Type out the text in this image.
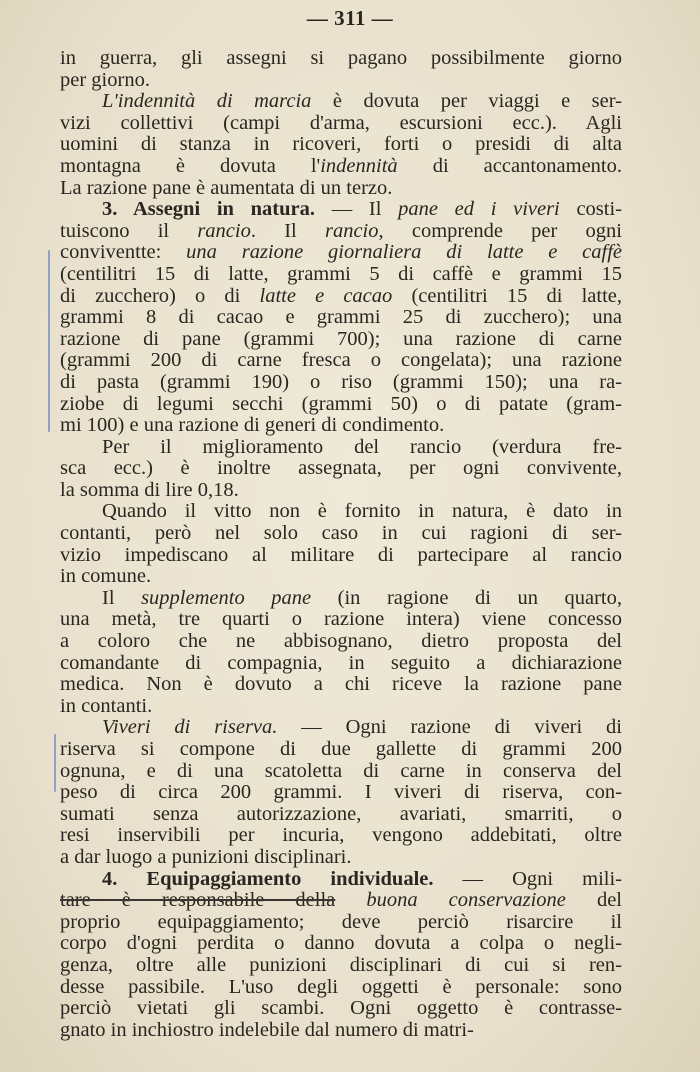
— 311 —
in guerra, gli assegni si pagano possibilmente giorno
per giorno.
L'indennità di marcia è dovuta per viaggi e ser-
vizi collettivi (campi d'arma, escursioni ecc.). Agli
uomini di stanza in ricoveri, forti o presidi di alta
montagna è dovuta l'indennità di accantonamento.
La razione pane è aumentata di un terzo.
3. Assegni in natura. — Il pane ed i viveri costi-
tuiscono il rancio. Il rancio, comprende per ogni
conviventte: una razione giornaliera di latte e caffè
(centilitri 15 di latte, grammi 5 di caffè e grammi 15
di zucchero) o di latte e cacao (centilitri 15 di latte,
grammi 8 di cacao e grammi 25 di zucchero); una
razione di pane (grammi 700); una razione di carne
(grammi 200 di carne fresca o congelata); una razione
di pasta (grammi 190) o riso (grammi 150); una ra-
ziobe di legumi secchi (grammi 50) o di patate (gram-
mi 100) e una razione di generi di condimento.
Per il miglioramento del rancio (verdura fre-
sca ecc.) è inoltre assegnata, per ogni convivente,
la somma di lire 0,18.
Quando il vitto non è fornito in natura, è dato in
contanti, però nel solo caso in cui ragioni di ser-
vizio impediscano al militare di partecipare al rancio
in comune.
Il supplemento pane (in ragione di un quarto,
una metà, tre quarti o razione intera) viene concesso
a coloro che ne abbisognano, dietro proposta del
comandante di compagnia, in seguito a dichiarazione
medica. Non è dovuto a chi riceve la razione pane
in contanti.
Viveri di riserva. — Ogni razione di viveri di
riserva si compone di due gallette di grammi 200
ognuna, e di una scatoletta di carne in conserva del
peso di circa 200 grammi. I viveri di riserva, con-
sumati senza autorizzazione, avariati, smarriti, o
resi inservibili per incuria, vengono addebitati, oltre
a dar luogo a punizioni disciplinari.
4. Equipaggiamento individuale. — Ogni mili-
tare è responsabile della buona conservazione del
proprio equipaggiamento; deve perciò risarcire il
corpo d'ogni perdita o danno dovuta a colpa o negli-
genza, oltre alle punizioni disciplinari di cui si ren-
desse passibile. L'uso degli oggetti è personale: sono
perciò vietati gli scambi. Ogni oggetto è contrasse-
gnato in inchiostro indelebile dal numero di matri-
